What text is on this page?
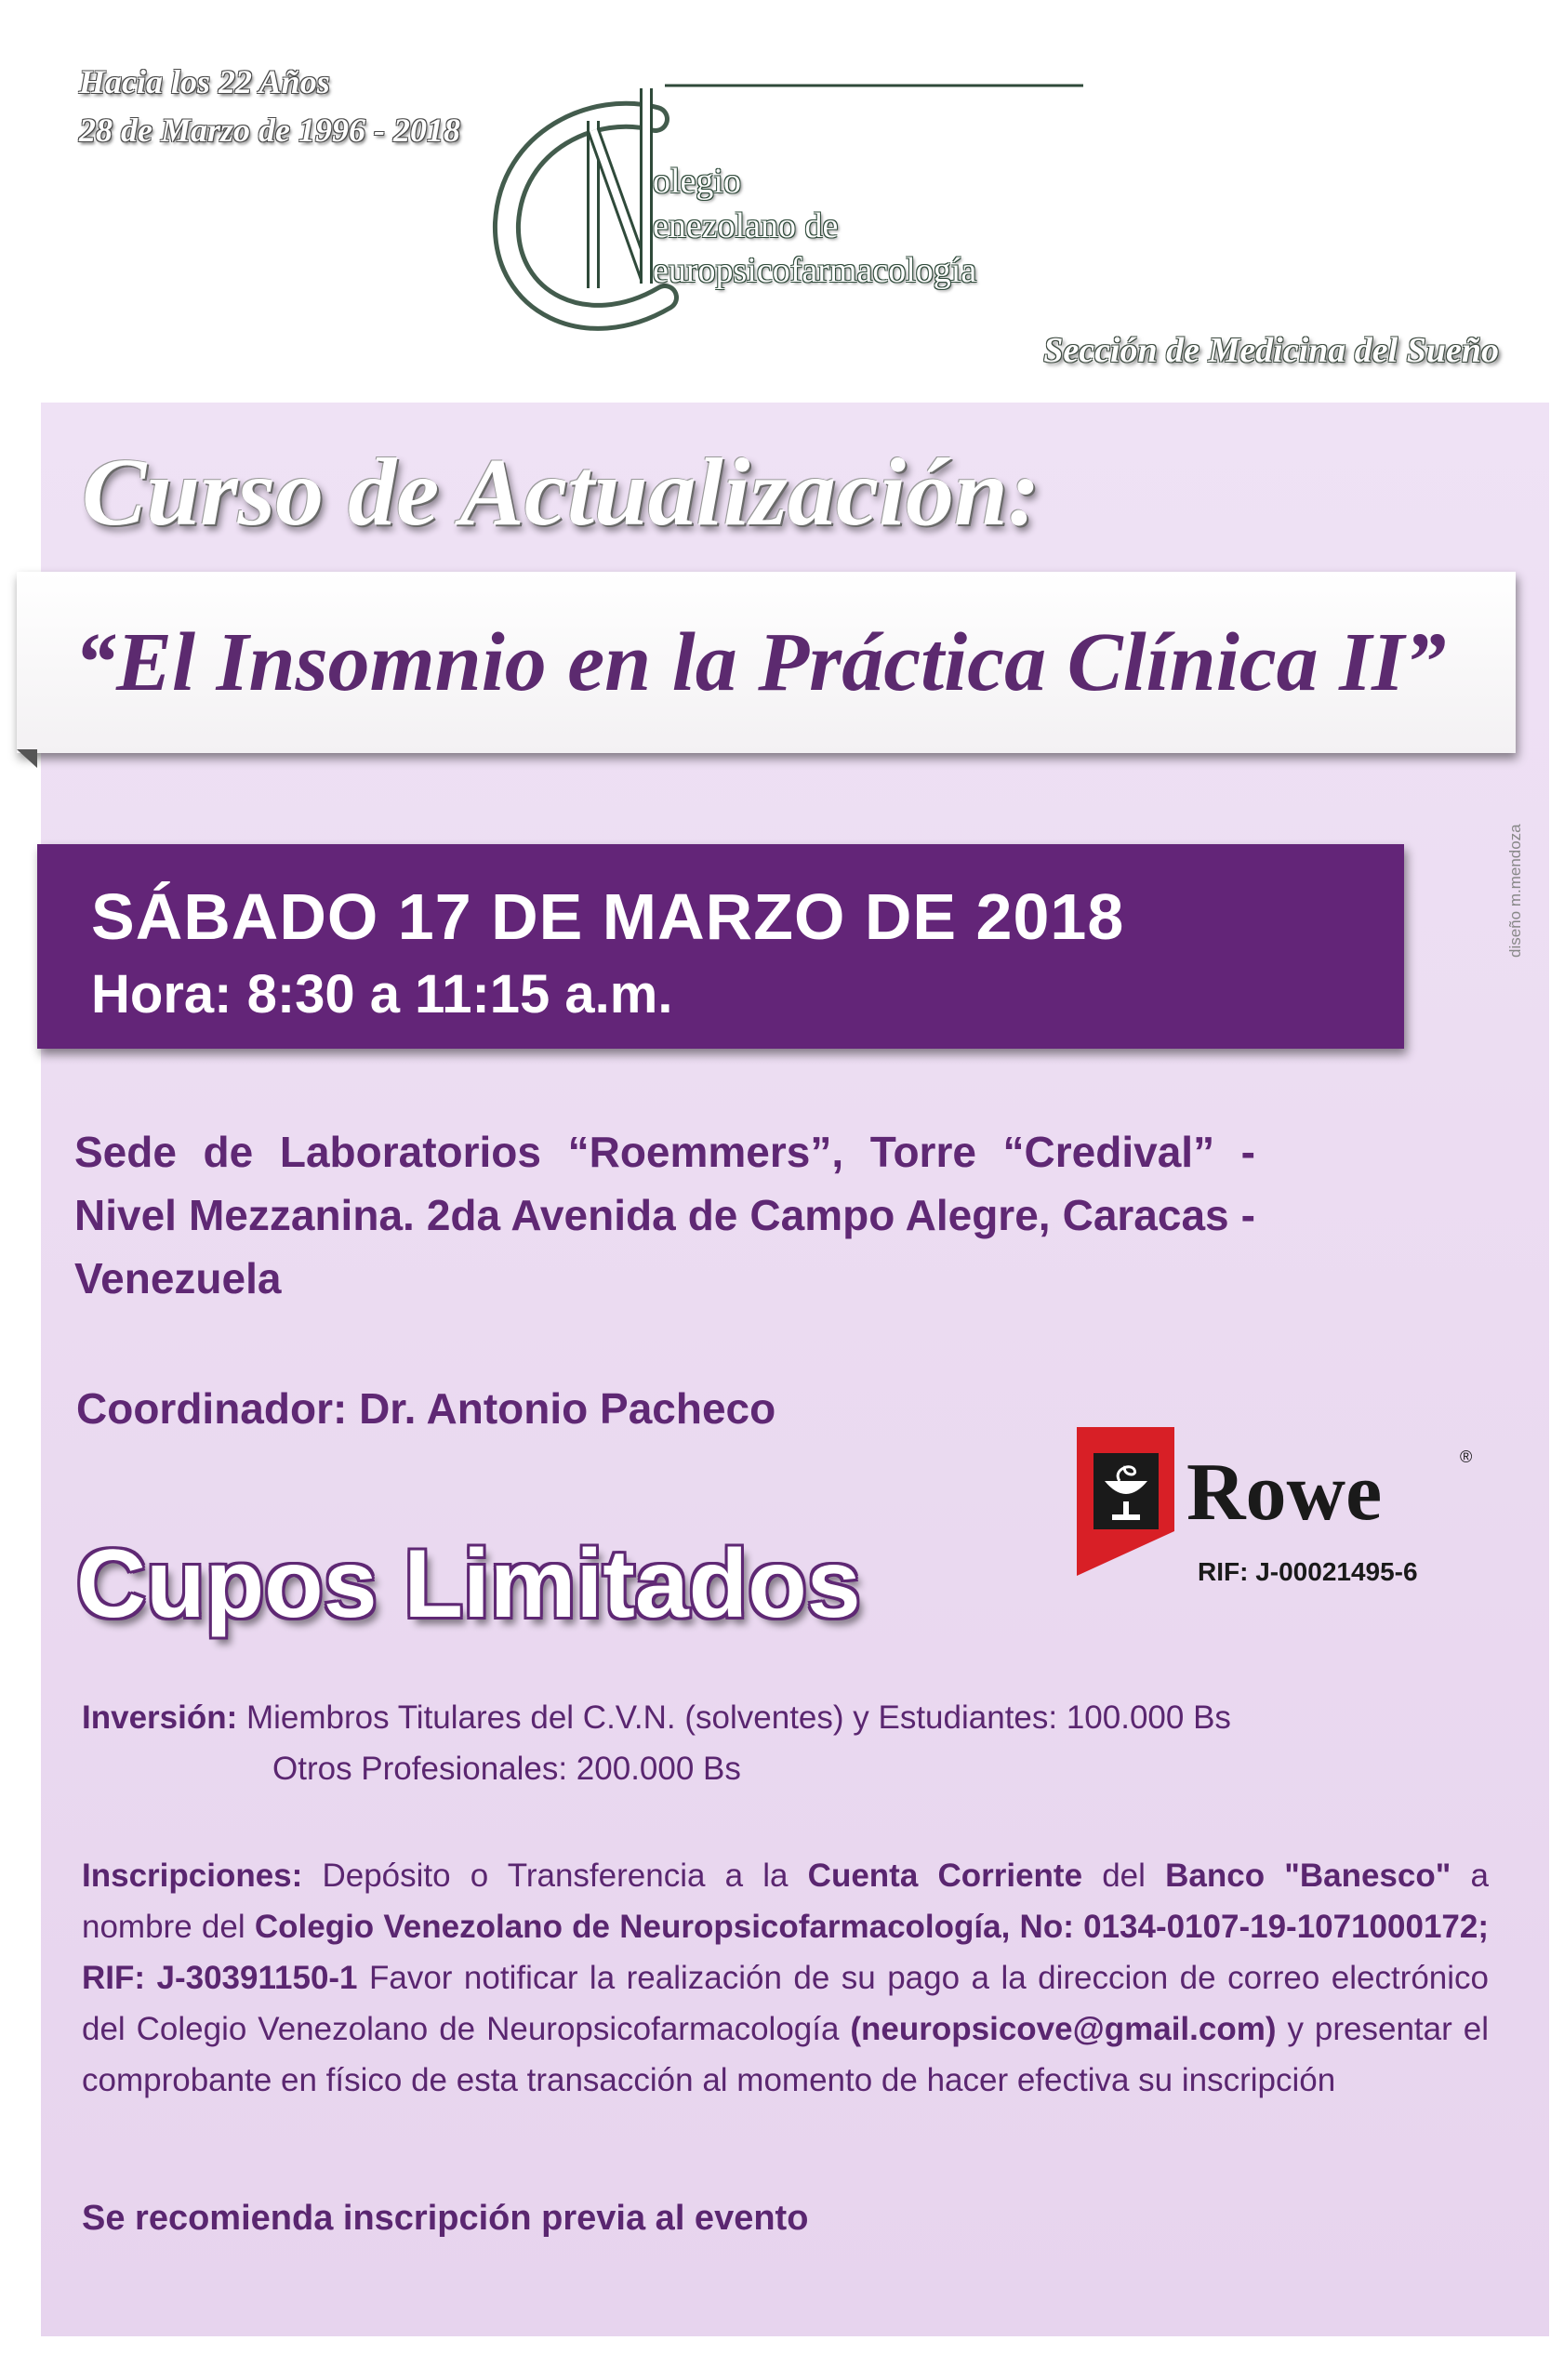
Hacia los 22 Años
28 de Marzo de 1996 - 2018
olegio
enezolano de
europsicofarmacología
Sección de Medicina del Sueño
Curso de Actualización:
“El Insomnio en la Práctica Clínica II”
SÁBADO 17 DE MARZO DE 2018
Hora: 8:30 a 11:15 a.m.
diseño m.mendoza
Sede de Laboratorios “Roemmers”, Torre “Credival” - Nivel Mezzanina. 2da Avenida de Campo Alegre, Caracas - Venezuela
Coordinador: Dr. Antonio Pacheco
Cupos Limitados
Rowe	®
RIF: J-00021495-6
Inversión: Miembros Titulares del C.V.N. (solventes) y Estudiantes: 100.000 Bs
Otros Profesionales: 200.000 Bs
Inscripciones: Depósito o Transferencia a la Cuenta Corriente del Banco "Banesco" a nombre del Colegio Venezolano de Neuropsicofarmacología, No: 0134-0107-19-1071000172; RIF: J-30391150-1 Favor notificar la realización de su pago a la direccion de correo electrónico del Colegio Venezolano de Neuropsicofarmacología (neuropsicove@gmail.com) y presentar el comprobante en físico de esta transacción al momento de hacer efectiva su inscripción
Se recomienda inscripción previa al evento
